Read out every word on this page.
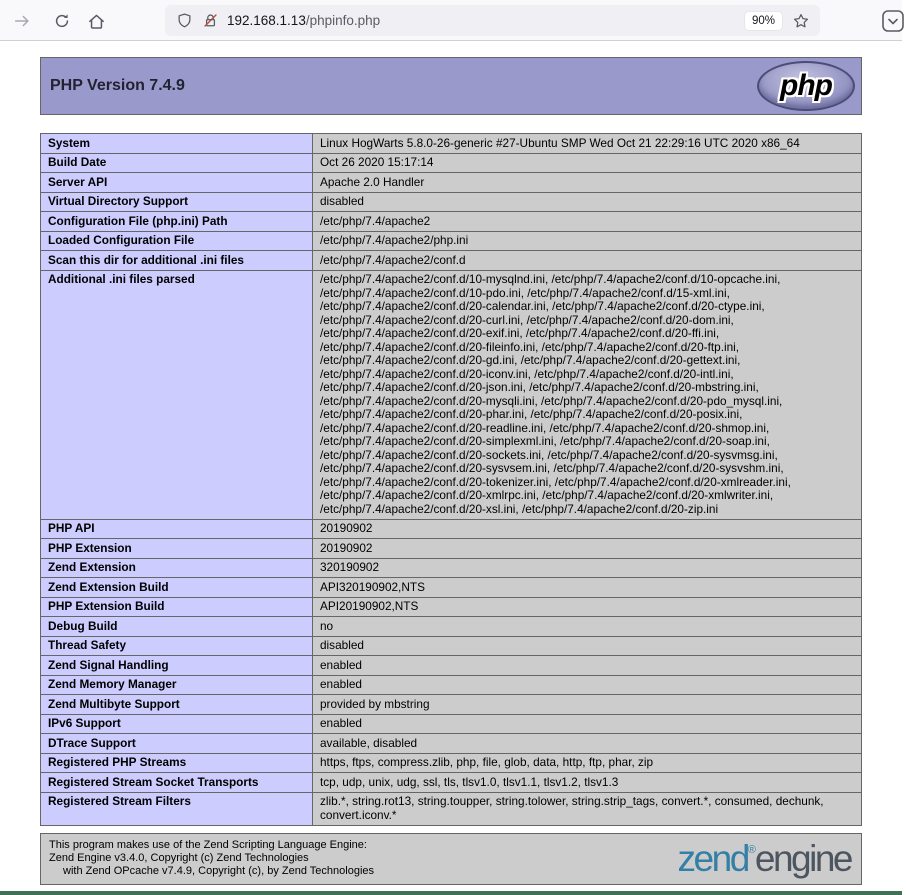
192.168.1.13/phpinfo.php	90%
PHP Version 7.4.9	php
System	Linux HogWarts 5.8.0-26-generic #27-Ubuntu SMP Wed Oct 21 22:29:16 UTC 2020 x86_64
Build Date	Oct 26 2020 15:17:14
Server API	Apache 2.0 Handler
Virtual Directory Support	disabled
Configuration File (php.ini) Path	/etc/php/7.4/apache2
Loaded Configuration File	/etc/php/7.4/apache2/php.ini
Scan this dir for additional .ini files	/etc/php/7.4/apache2/conf.d
Additional .ini files parsed	/etc/php/7.4/apache2/conf.d/10-mysqlnd.ini, /etc/php/7.4/apache2/conf.d/10-opcache.ini, /etc/php/7.4/apache2/conf.d/10-pdo.ini, /etc/php/7.4/apache2/conf.d/15-xml.ini, /etc/php/7.4/apache2/conf.d/20-calendar.ini, /etc/php/7.4/apache2/conf.d/20-ctype.ini, /etc/php/7.4/apache2/conf.d/20-curl.ini, /etc/php/7.4/apache2/conf.d/20-dom.ini, /etc/php/7.4/apache2/conf.d/20-exif.ini, /etc/php/7.4/apache2/conf.d/20-ffi.ini, /etc/php/7.4/apache2/conf.d/20-fileinfo.ini, /etc/php/7.4/apache2/conf.d/20-ftp.ini, /etc/php/7.4/apache2/conf.d/20-gd.ini, /etc/php/7.4/apache2/conf.d/20-gettext.ini, /etc/php/7.4/apache2/conf.d/20-iconv.ini, /etc/php/7.4/apache2/conf.d/20-intl.ini, /etc/php/7.4/apache2/conf.d/20-json.ini, /etc/php/7.4/apache2/conf.d/20-mbstring.ini, /etc/php/7.4/apache2/conf.d/20-mysqli.ini, /etc/php/7.4/apache2/conf.d/20-pdo_mysql.ini, /etc/php/7.4/apache2/conf.d/20-phar.ini, /etc/php/7.4/apache2/conf.d/20-posix.ini, /etc/php/7.4/apache2/conf.d/20-readline.ini, /etc/php/7.4/apache2/conf.d/20-shmop.ini, /etc/php/7.4/apache2/conf.d/20-simplexml.ini, /etc/php/7.4/apache2/conf.d/20-soap.ini, /etc/php/7.4/apache2/conf.d/20-sockets.ini, /etc/php/7.4/apache2/conf.d/20-sysvmsg.ini, /etc/php/7.4/apache2/conf.d/20-sysvsem.ini, /etc/php/7.4/apache2/conf.d/20-sysvshm.ini, /etc/php/7.4/apache2/conf.d/20-tokenizer.ini, /etc/php/7.4/apache2/conf.d/20-xmlreader.ini, /etc/php/7.4/apache2/conf.d/20-xmlrpc.ini, /etc/php/7.4/apache2/conf.d/20-xmlwriter.ini, /etc/php/7.4/apache2/conf.d/20-xsl.ini, /etc/php/7.4/apache2/conf.d/20-zip.ini
PHP API	20190902
PHP Extension	20190902
Zend Extension	320190902
Zend Extension Build	API320190902,NTS
PHP Extension Build	API20190902,NTS
Debug Build	no
Thread Safety	disabled
Zend Signal Handling	enabled
Zend Memory Manager	enabled
Zend Multibyte Support	provided by mbstring
IPv6 Support	enabled
DTrace Support	available, disabled
Registered PHP Streams	https, ftps, compress.zlib, php, file, glob, data, http, ftp, phar, zip
Registered Stream Socket Transports	tcp, udp, unix, udg, ssl, tls, tlsv1.0, tlsv1.1, tlsv1.2, tlsv1.3
Registered Stream Filters	zlib.*, string.rot13, string.toupper, string.tolower, string.strip_tags, convert.*, consumed, dechunk, convert.iconv.*
This program makes use of the Zend Scripting Language Engine:
Zend Engine v3.4.0, Copyright (c) Zend Technologies
with Zend OPcache v7.4.9, Copyright (c), by Zend Technologies	zend®engine
